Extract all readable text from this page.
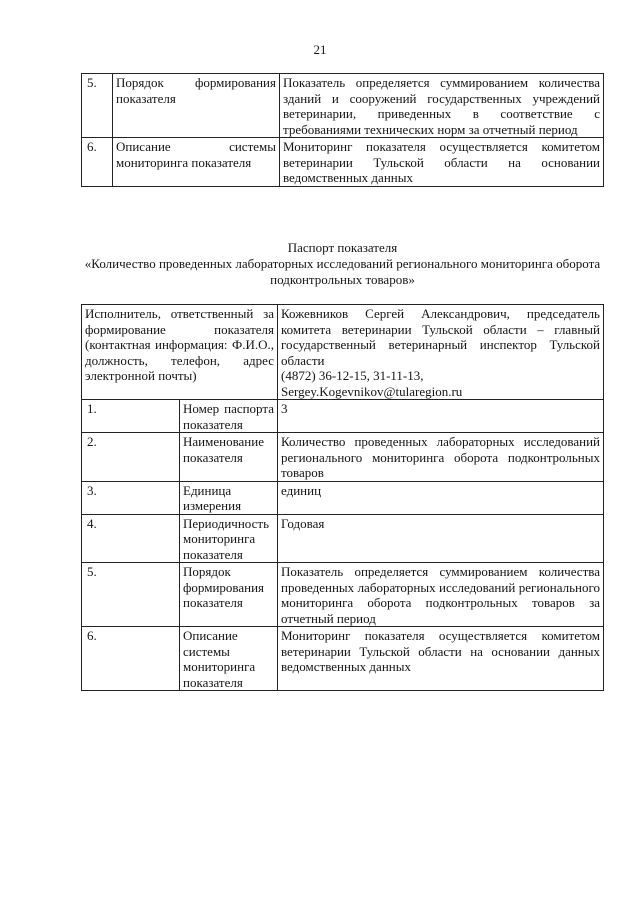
21
5.	Порядок формирования показателя	Показатель определяется суммированием количества зданий и сооружений государственных учреждений ветеринарии, приведенных в соответствие с требованиями технических норм за отчетный период
6.	Описание системы мониторинга показателя	Мониторинг показателя осуществляется комитетом ветеринарии Тульской области на основании ведомственных данных
Паспорт показателя
«Количество проведенных лабораторных исследований регионального мониторинга оборота подконтрольных товаров»
Исполнитель, ответственный за формирование показателя (контактная информация: Ф.И.О., должность, телефон, адрес электронной почты)		Кожевников Сергей Александрович, председатель комитета ветеринарии Тульской области – главный государственный ветеринарный инспектор Тульской области
(4872) 36-12-15, 31-11-13,
Sergey.Kogevnikov@tularegion.ru

1.	Номер паспорта показателя	3
2.	Наименование показателя	Количество проведенных лабораторных исследований регионального мониторинга оборота подконтрольных товаров
3.	Единица измерения	единиц
4.	Периодичность мониторинга показателя	Годовая
5.	Порядок формирования показателя	Показатель определяется суммированием количества проведенных лабораторных исследований регионального мониторинга оборота подконтрольных товаров за отчетный период
6.	Описание системы мониторинга показателя	Мониторинг показателя осуществляется комитетом ветеринарии Тульской области на основании данных ведомственных данных
